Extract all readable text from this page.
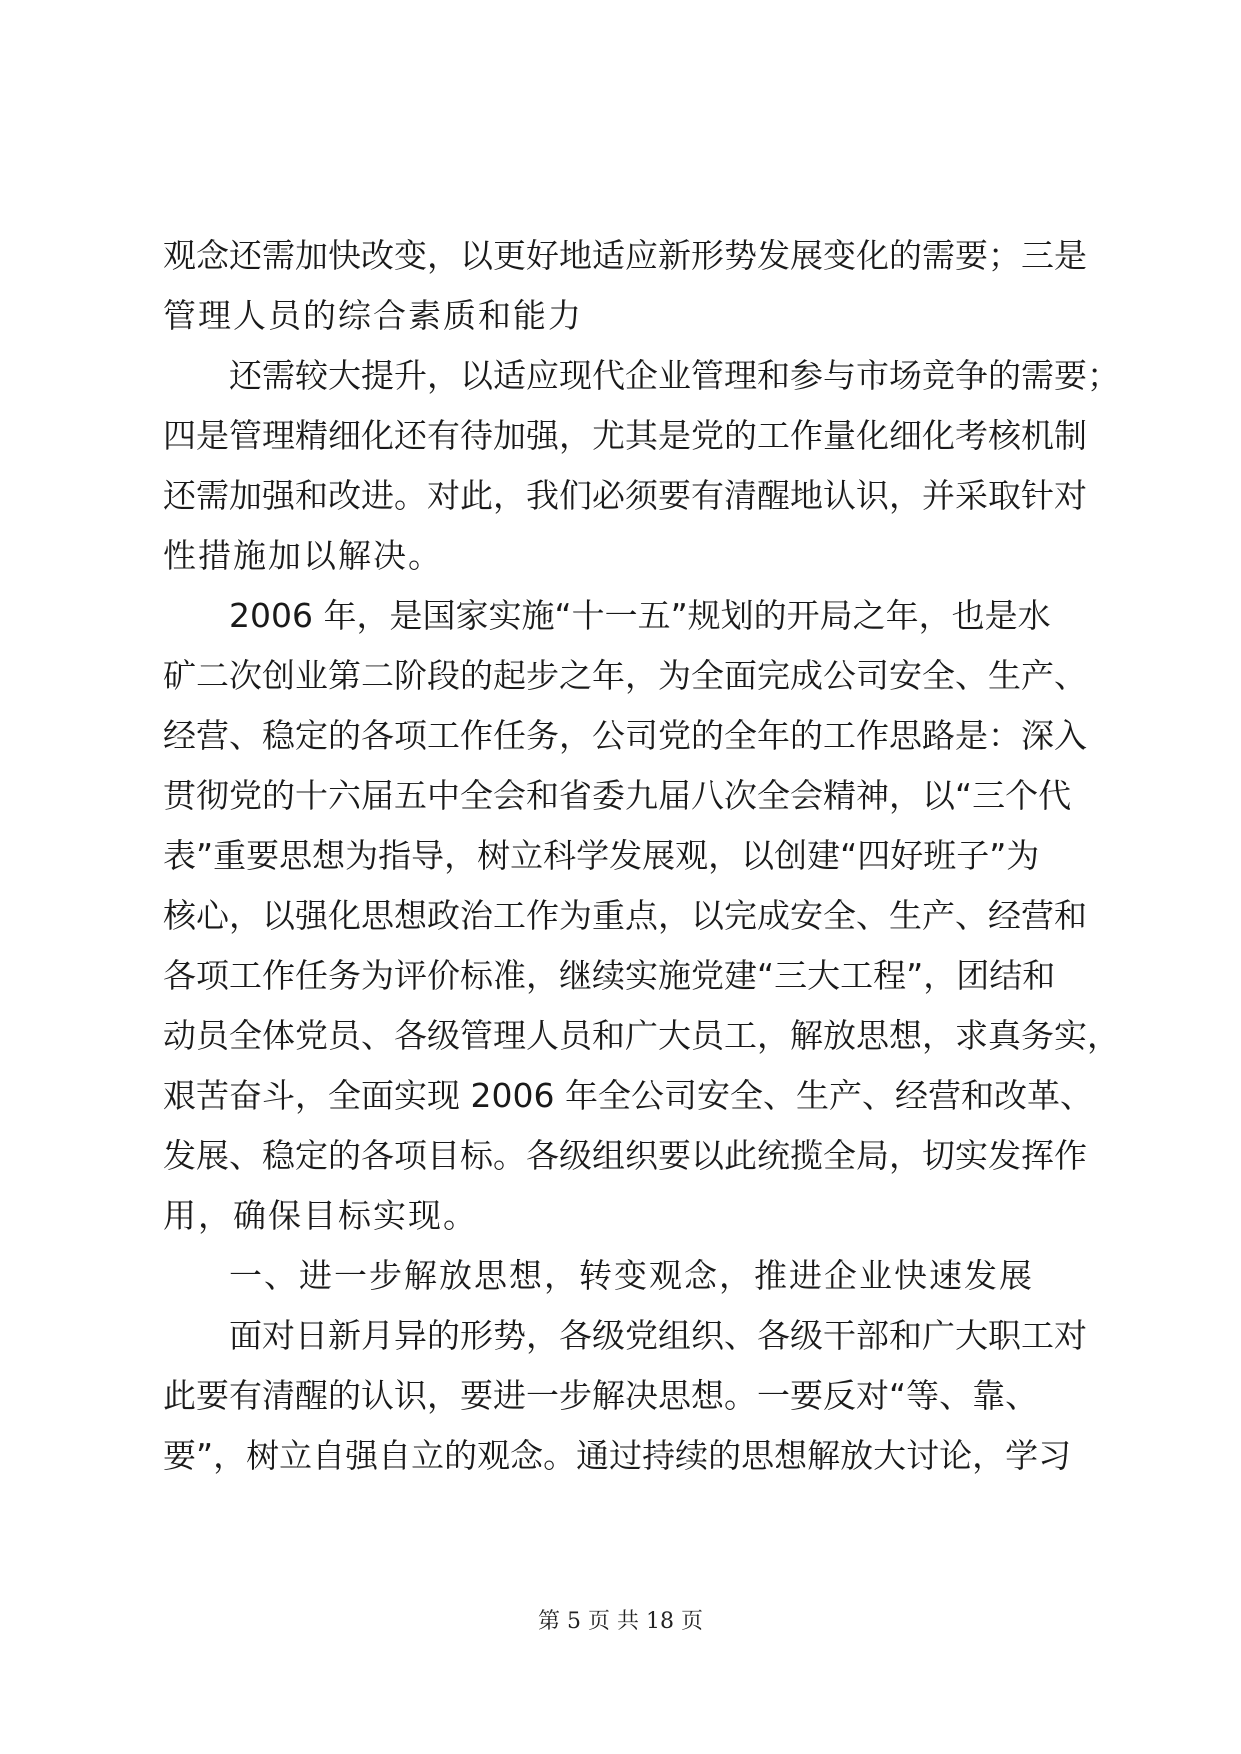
观念还需加快改变，以更好地适应新形势发展变化的需要；三是
管理人员的综合素质和能力
还需较大提升，以适应现代企业管理和参与市场竞争的需要；
四是管理精细化还有待加强，尤其是党的工作量化细化考核机制
还需加强和改进。对此，我们必须要有清醒地认识，并采取针对
性措施加以解决。
2006 年，是国家实施“十一五”规划的开局之年，也是水
矿二次创业第二阶段的起步之年，为全面完成公司安全、生产、
经营、稳定的各项工作任务，公司党的全年的工作思路是：深入
贯彻党的十六届五中全会和省委九届八次全会精神，以“三个代
表”重要思想为指导，树立科学发展观，以创建“四好班子”为
核心，以强化思想政治工作为重点，以完成安全、生产、经营和
各项工作任务为评价标准，继续实施党建“三大工程”，团结和
动员全体党员、各级管理人员和广大员工，解放思想，求真务实，
艰苦奋斗，全面实现 2006 年全公司安全、生产、经营和改革、
发展、稳定的各项目标。各级组织要以此统揽全局，切实发挥作
用，确保目标实现。
一、进一步解放思想，转变观念，推进企业快速发展
面对日新月异的形势，各级党组织、各级干部和广大职工对
此要有清醒的认识，要进一步解决思想。一要反对“等、靠、
要”，树立自强自立的观念。通过持续的思想解放大讨论，学习
第 5 页 共 18 页
